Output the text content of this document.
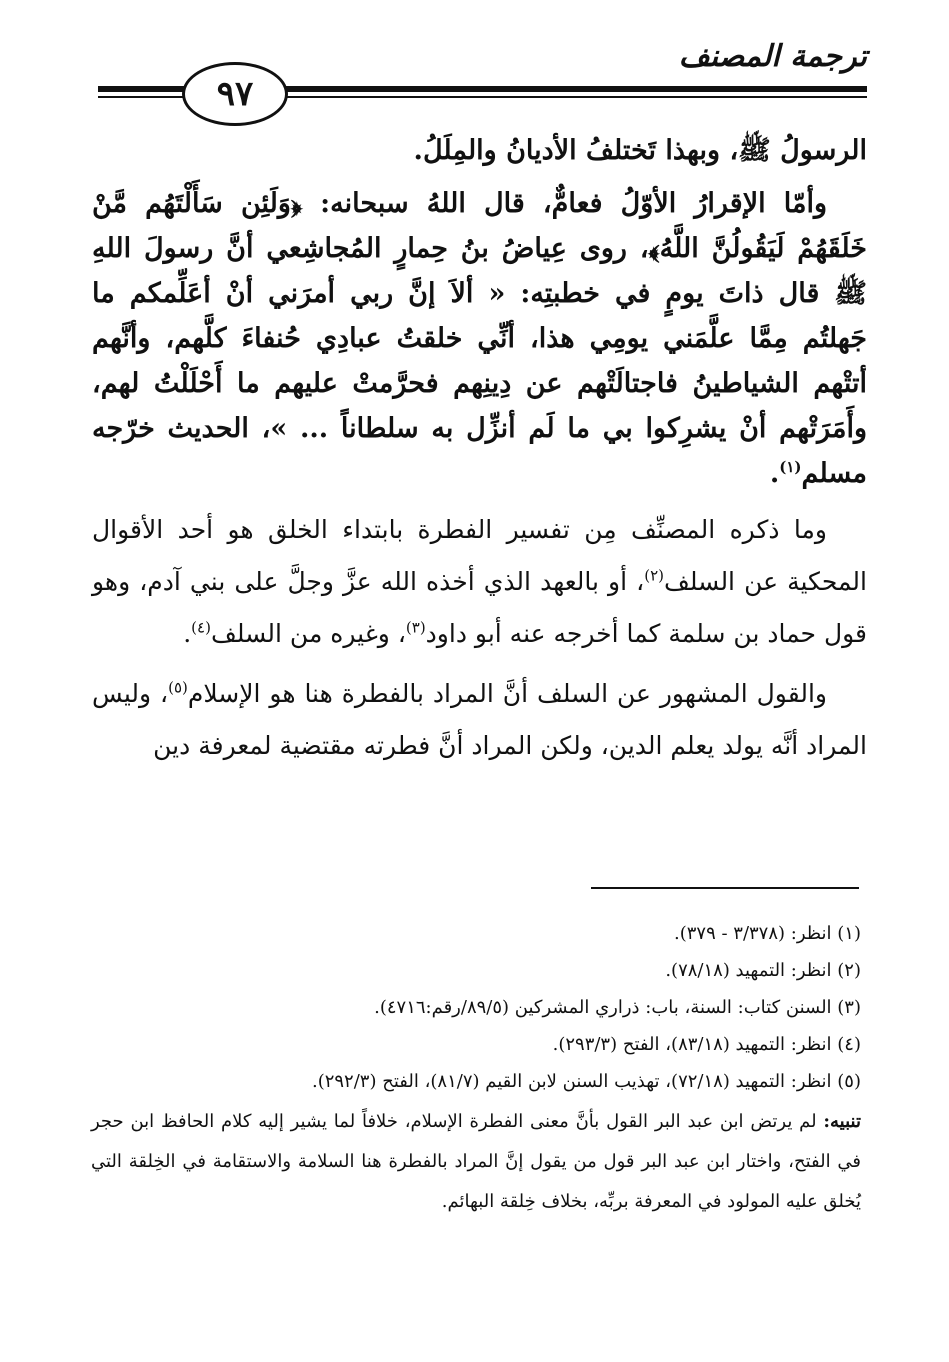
ترجمة المصنف
٩٧

الرسولُ ﷺ، وبهذا تَختلفُ الأديانُ والمِلَلُ.

وأمّا الإقرارُ الأوّلُ فعامٌّ، قال اللهُ سبحانه: ﴿وَلَئِن سَأَلْتَهُم مَّنْ خَلَقَهُمْ لَيَقُولُنَّ اللَّهُ﴾، روى عِياضُ بنُ حِمارٍ المُجاشِعي أنَّ رسولَ اللهِ ﷺ قال ذاتَ يومٍ في خطبتِه: « ألاَ إنَّ ربي أمرَني أنْ أعَلِّمكم ما جَهلتُم مِمَّا علَّمَني يومِي هذا، أنِّي خلقتُ عبادِي حُنفاءَ كلَّهم، وأنَّهم أتتْهم الشياطينُ فاجتالَتْهم عن دِينِهم فحرَّمتْ عليهم ما أَحْلَلْتُ لهم، وأَمَرَتْهم أنْ يشرِكوا بي ما لَم أنزِّل به سلطاناً ... »، الحديث خرّجه مسلم$^{(١)}$.

وما ذكره المصنِّف مِن تفسير الفطرة بابتداء الخلق هو أحد الأقوال المحكية عن السلف$^{(٢)}$، أو بالعهد الذي أخذه الله عزَّ وجلَّ على بني آدم، وهو قول حماد بن سلمة كما أخرجه عنه أبو داود$^{(٣)}$، وغيره من السلف$^{(٤)}$.

والقول المشهور عن السلف أنَّ المراد بالفطرة هنا هو الإسلام$^{(٥)}$، وليس المراد أنَّه يولد يعلم الدين، ولكن المراد أنَّ فطرته مقتضية لمعرفة دين

(١) انظر: (٣/٣٧٨ - ٣٧٩).

(٢) انظر: التمهيد (٧٨/١٨).

(٣) السنن كتاب: السنة، باب: ذراري المشركين (٨٩/٥/رقم:٤٧١٦).

(٤) انظر: التمهيد (٨٣/١٨)، الفتح (٢٩٣/٣).

(٥) انظر: التمهيد (٧٢/١٨)، تهذيب السنن لابن القيم (٨١/٧)، الفتح (٢٩٢/٣).

تنبيه: لم يرتض ابن عبد البر القول بأنَّ معنى الفطرة الإسلام، خلافاً لما يشير إليه كلام الحافظ ابن حجر في الفتح، واختار ابن عبد البر قول من يقول إنَّ المراد بالفطرة هنا السلامة والاستقامة في الخِلقة التي يُخلق عليه المولود في المعرفة بربِّه، بخلاف خِلقة البهائم.
